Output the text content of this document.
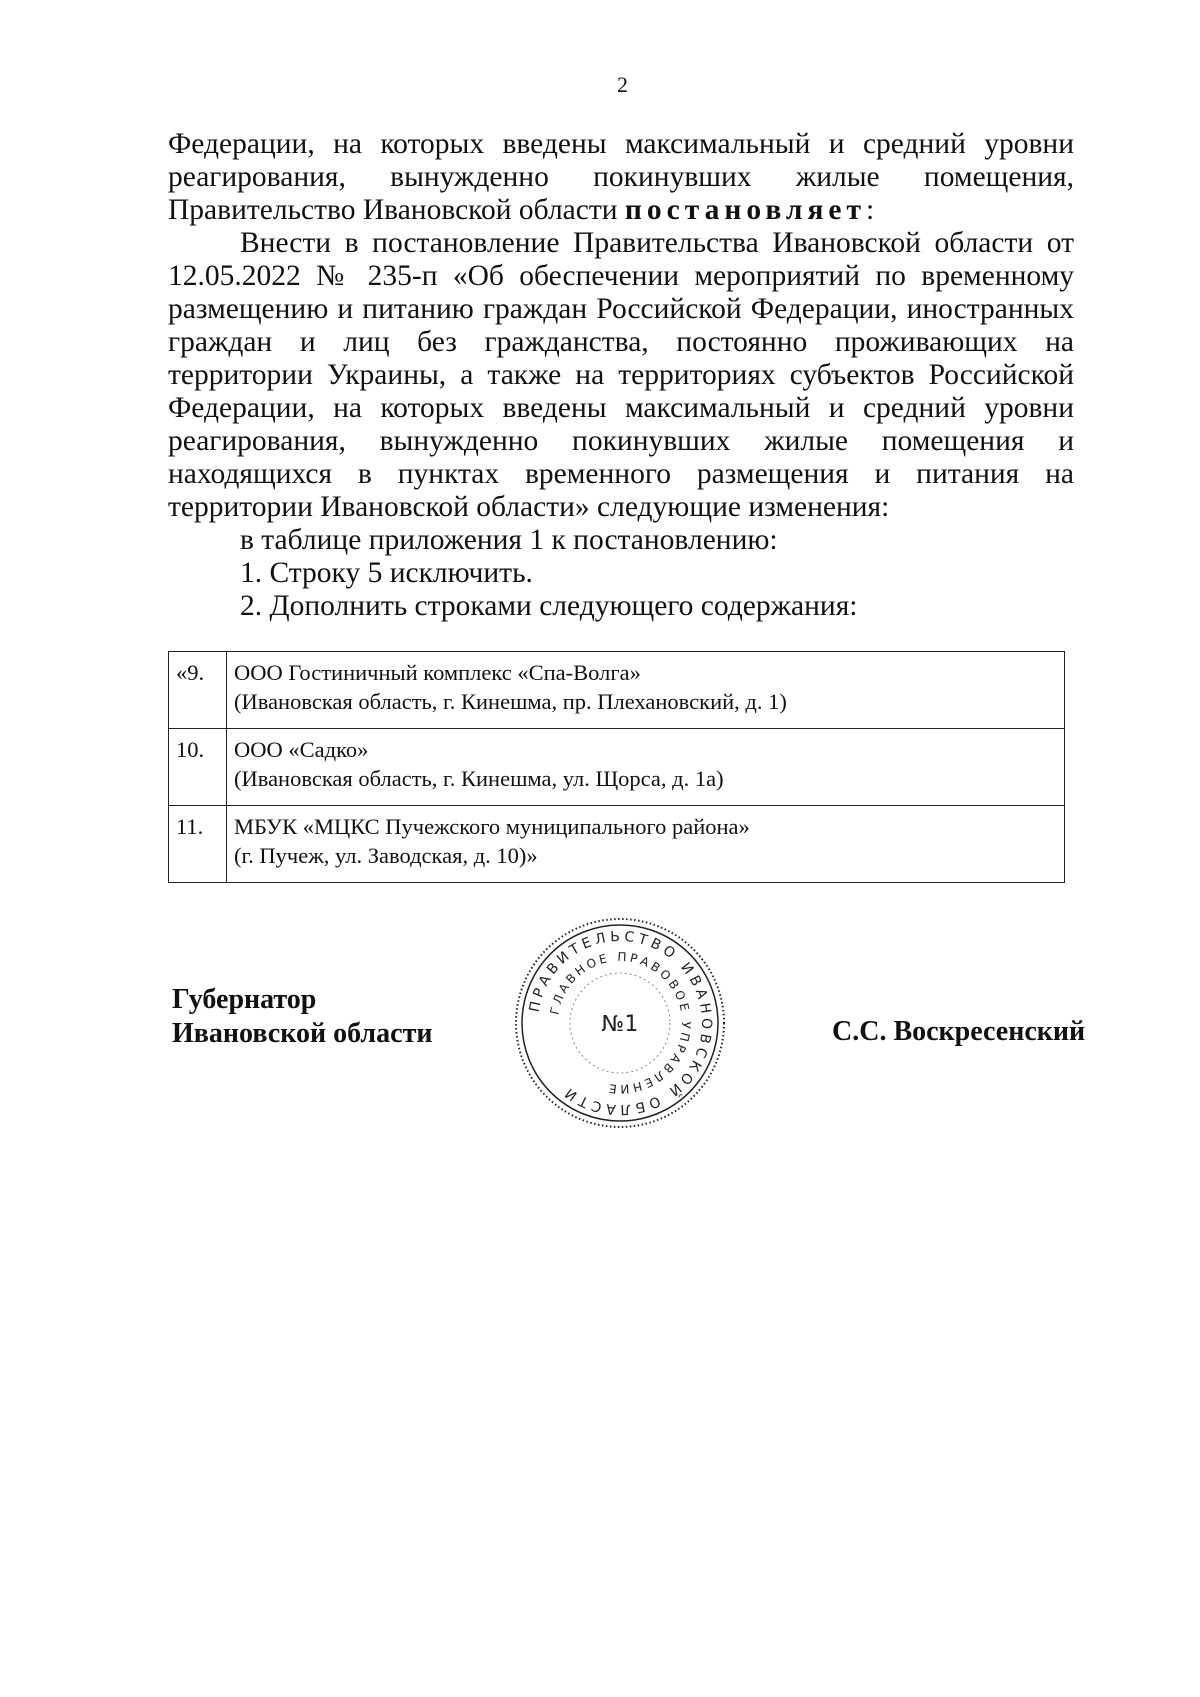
2

Федерации, на которых введены максимальный и средний уровни реагирования, вынужденно покинувших жилые помещения, Правительство Ивановской области постановляет:

Внести в постановление Правительства Ивановской области от 12.05.2022 № 235-п «Об обеспечении мероприятий по временному размещению и питанию граждан Российской Федерации, иностранных граждан и лиц без гражданства, постоянно проживающих на территории Украины, а также на территориях субъектов Российской Федерации, на которых введены максимальный и средний уровни реагирования, вынужденно покинувших жилые помещения и находящихся в пунктах временного размещения и питания на территории Ивановской области» следующие изменения:

в таблице приложения 1 к постановлению:

1. Строку 5 исключить.

2. Дополнить строками следующего содержания:

«9.	ООО Гостиничный комплекс «Спа-Волга»
(Ивановская область, г. Кинешма, пр. Плехановский, д. 1)

10.	ООО «Садко»
(Ивановская область, г. Кинешма, ул. Щорса, д. 1а)

11.	МБУК «МЦКС Пучежского муниципального района»
(г. Пучеж, ул. Заводская, д. 10)»
Губернатор
Ивановской области
ПРАВИТЕЛЬСТВО ИВАНОВСКОЙ ОБЛАСТИ
ГЛАВНОЕ ПРАВОВОЕ УПРАВЛЕНИЕ
№1	С.С. Воскресенский
